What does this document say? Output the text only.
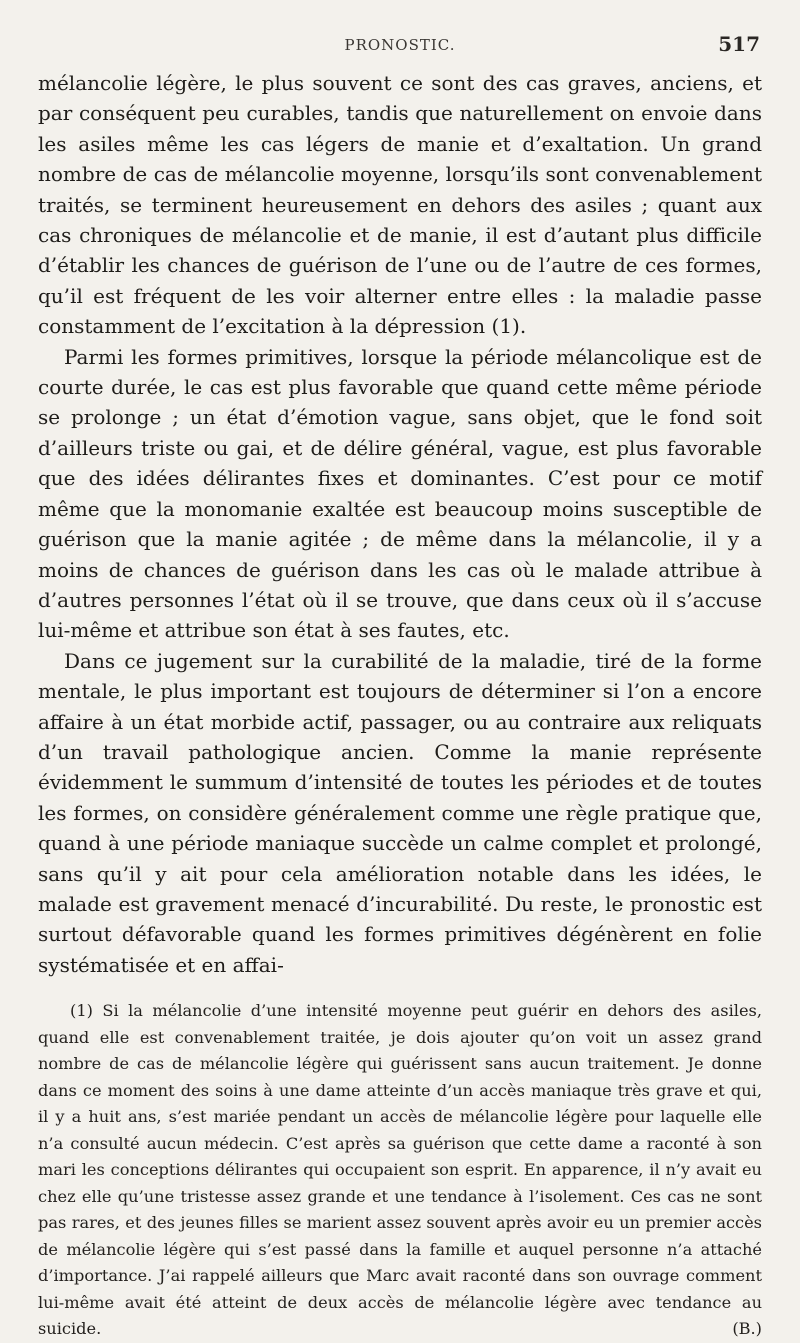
PRONOSTIC.	517

mélancolie légère, le plus souvent ce sont des cas graves, anciens, et par conséquent peu curables, tandis que naturellement on envoie dans les asiles même les cas légers de manie et d’exaltation. Un grand nombre de cas de mélancolie moyenne, lorsqu’ils sont convenablement traités, se terminent heureusement en dehors des asiles ; quant aux cas chroniques de mélancolie et de manie, il est d’autant plus difficile d’établir les chances de guérison de l’une ou de l’autre de ces formes, qu’il est fréquent de les voir alterner entre elles : la maladie passe constamment de l’excitation à la dépression (1).

Parmi les formes primitives, lorsque la période mélancolique est de courte durée, le cas est plus favorable que quand cette même période se prolonge ; un état d’émotion vague, sans objet, que le fond soit d’ailleurs triste ou gai, et de délire général, vague, est plus favorable que des idées délirantes fixes et dominantes. C’est pour ce motif même que la monomanie exaltée est beaucoup moins susceptible de guérison que la manie agitée ; de même dans la mélancolie, il y a moins de chances de guérison dans les cas où le malade attribue à d’autres personnes l’état où il se trouve, que dans ceux où il s’accuse lui-même et attribue son état à ses fautes, etc.

Dans ce jugement sur la curabilité de la maladie, tiré de la forme mentale, le plus important est toujours de déterminer si l’on a encore affaire à un état morbide actif, passager, ou au contraire aux reliquats d’un travail pathologique ancien. Comme la manie représente évidemment le summum d’intensité de toutes les périodes et de toutes les formes, on considère généralement comme une règle pratique que, quand à une période maniaque succède un calme complet et prolongé, sans qu’il y ait pour cela amélioration notable dans les idées, le malade est gravement menacé d’incurabilité. Du reste, le pronostic est surtout défavorable quand les formes primitives dégénèrent en folie systématisée et en affai-

(1) Si la mélancolie d’une intensité moyenne peut guérir en dehors des asiles, quand elle est convenablement traitée, je dois ajouter qu’on voit un assez grand nombre de cas de mélancolie légère qui guérissent sans aucun traitement. Je donne dans ce moment des soins à une dame atteinte d’un accès maniaque très grave et qui, il y a huit ans, s’est mariée pendant un accès de mélancolie légère pour laquelle elle n’a consulté aucun médecin. C’est après sa guérison que cette dame a raconté à son mari les conceptions délirantes qui occupaient son esprit. En apparence, il n’y avait eu chez elle qu’une tristesse assez grande et une tendance à l’isolement. Ces cas ne sont pas rares, et des jeunes filles se marient assez souvent après avoir eu un premier accès de mélancolie légère qui s’est passé dans la famille et auquel personne n’a attaché d’importance. J’ai rappelé ailleurs que Marc avait raconté dans son ouvrage comment lui-même avait été atteint de deux accès de mélancolie légère avec tendance au suicide.	(B.)
